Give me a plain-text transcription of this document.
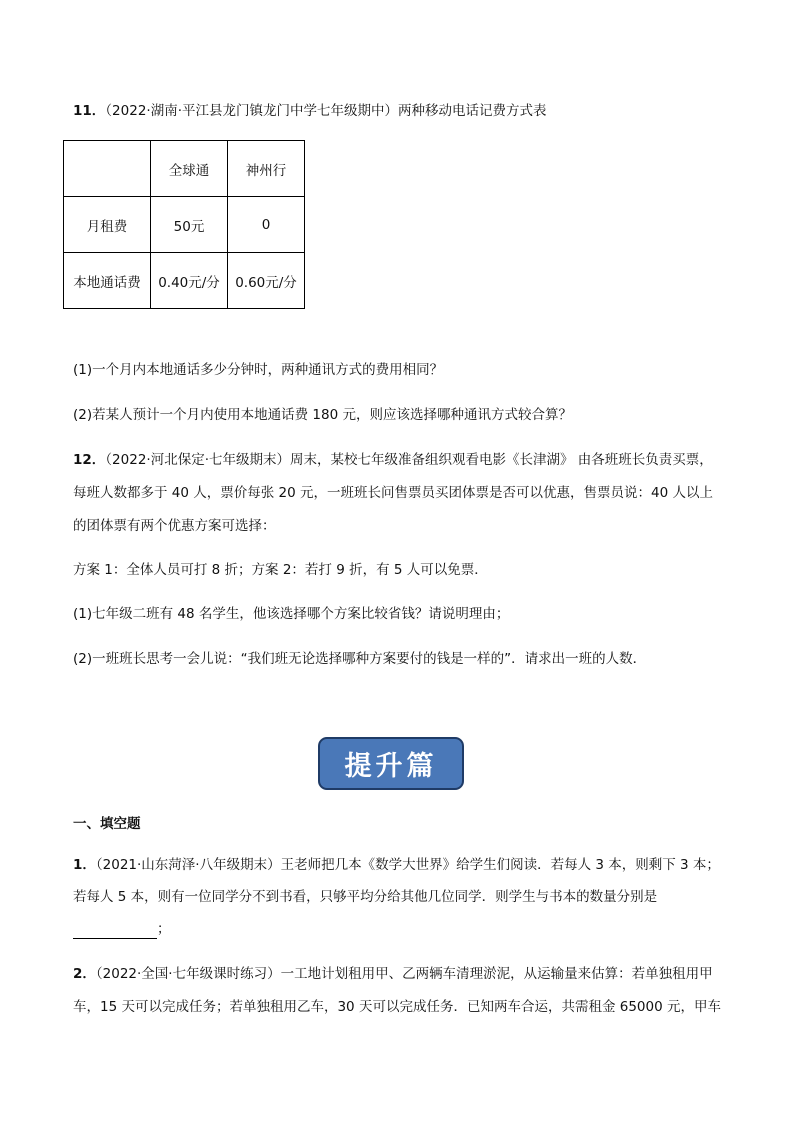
11．（2022·湖南·平江县龙门镇龙门中学七年级期中）两种移动电话记费方式表
	全球通	神州行
月租费	50元	0
本地通话费	0.40元/分	0.60元/分
(1)一个月内本地通话多少分钟时，两种通讯方式的费用相同？
(2)若某人预计一个月内使用本地通话费 180 元，则应该选择哪种通讯方式较合算？
12．（2022·河北保定·七年级期末）周末，某校七年级准备组织观看电影《长津湖》 由各班班长负责买票，
每班人数都多于 40 人，票价每张 20 元，一班班长问售票员买团体票是否可以优惠，售票员说：40 人以上
的团体票有两个优惠方案可选择：
方案 1：全体人员可打 8 折；方案 2：若打 9 折，有 5 人可以免票．
(1)七年级二班有 48 名学生，他该选择哪个方案比较省钱？请说明理由；
(2)一班班长思考一会儿说：“我们班无论选择哪种方案要付的钱是一样的”．请求出一班的人数．
提升篇
一、填空题
1．（2021·山东菏泽·八年级期末）王老师把几本《数学大世界》给学生们阅读．若每人 3 本，则剩下 3 本；
若每人 5 本，则有一位同学分不到书看，只够平均分给其他几位同学．则学生与书本的数量分别是
；
2．（2022·全国·七年级课时练习）一工地计划租用甲、乙两辆车清理淤泥，从运输量来估算：若单独租用甲
车，15 天可以完成任务；若单独租用乙车，30 天可以完成任务．已知两车合运，共需租金 65000 元，甲车
